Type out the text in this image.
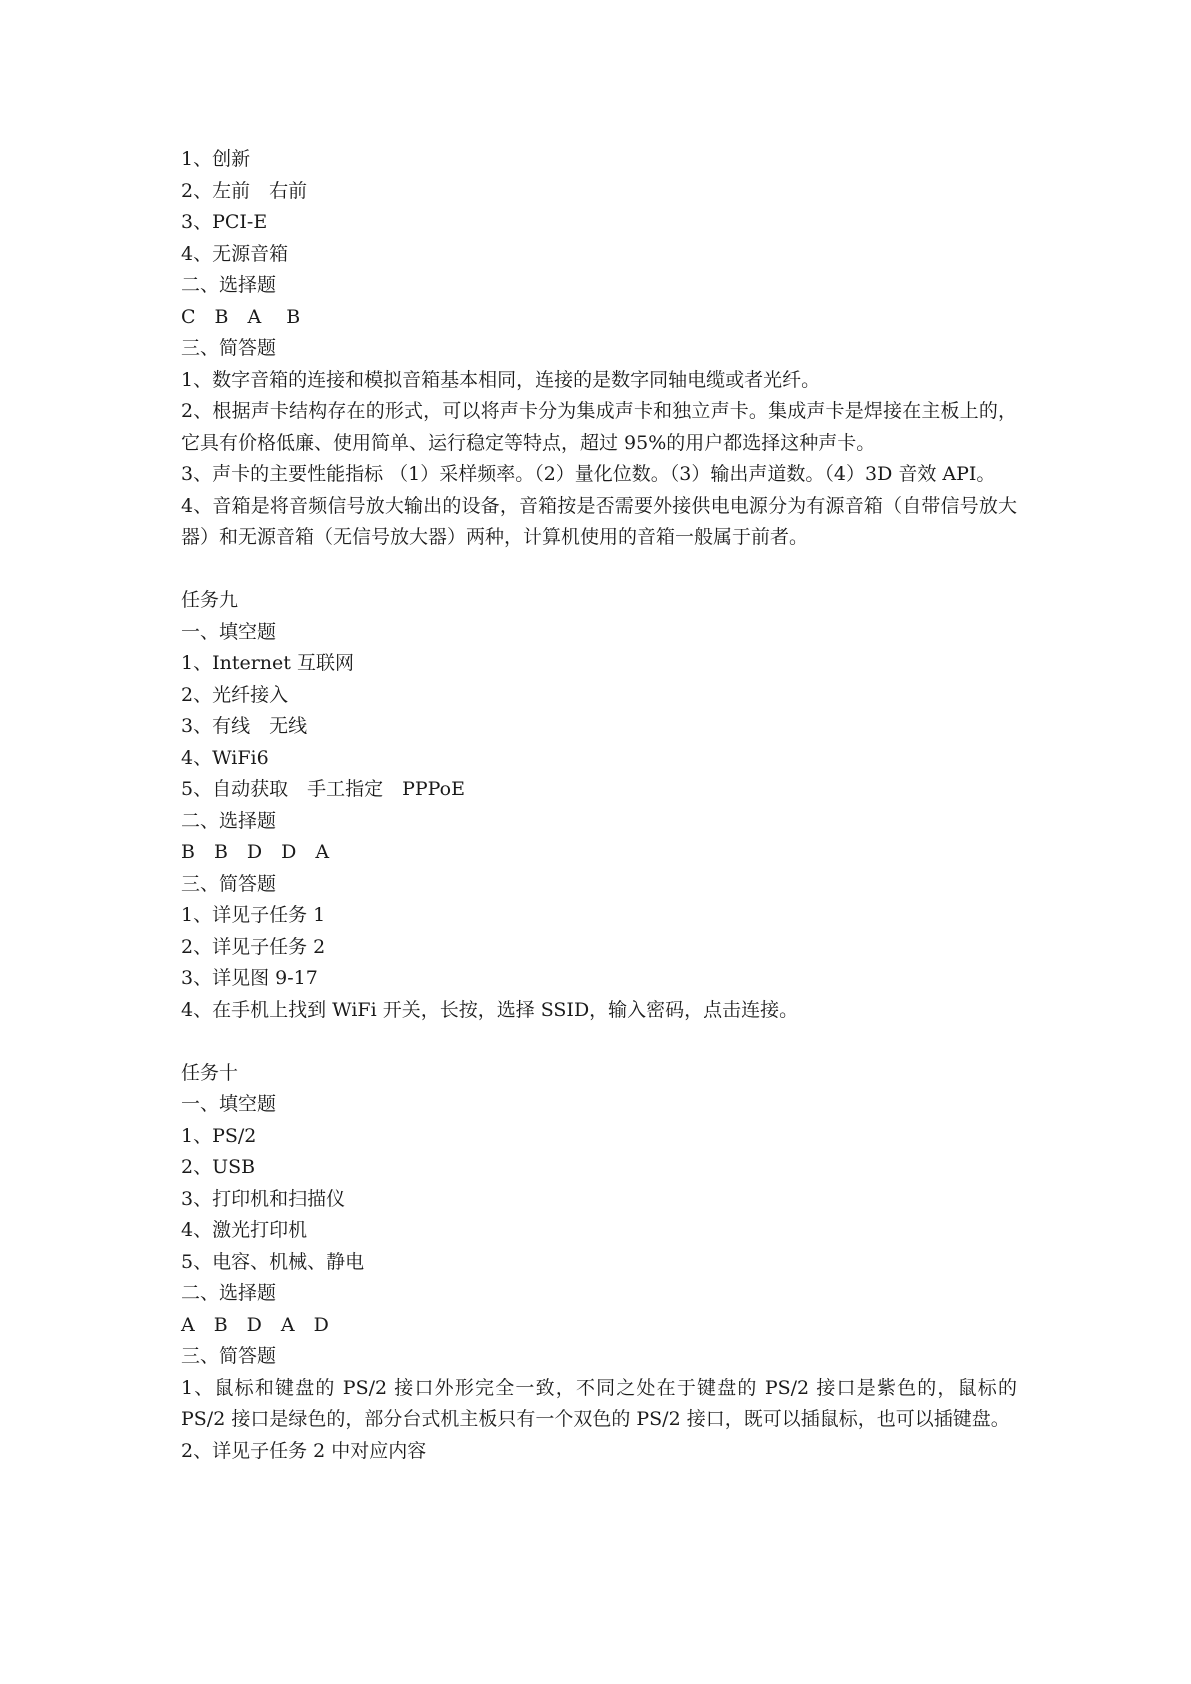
1、创新

2、左前　右前

3、PCI-E

4、无源音箱

二、选择题

C　B　A　 B

三、简答题

1、数字音箱的连接和模拟音箱基本相同，连接的是数字同轴电缆或者光纤。

2、根据声卡结构存在的形式，可以将声卡分为集成声卡和独立声卡。集成声卡是焊接在主板上的，它具有价格低廉、使用简单、运行稳定等特点，超过 95%的用户都选择这种声卡。

3、声卡的主要性能指标 （1）采样频率。（2）量化位数。（3）输出声道数。（4）3D 音效 API。

4、音箱是将音频信号放大输出的设备，音箱按是否需要外接供电电源分为有源音箱（自带信号放大器）和无源音箱（无信号放大器）两种，计算机使用的音箱一般属于前者。

任务九

一、填空题

1、Internet 互联网

2、光纤接入

3、有线　无线

4、WiFi6

5、自动获取　手工指定　PPPoE

二、选择题

B　B　D　D　A

三、简答题

1、详见子任务 1

2、详见子任务 2

3、详见图 9-17

4、在手机上找到 WiFi 开关，长按，选择 SSID，输入密码，点击连接。

任务十

一、填空题

1、PS/2

2、USB

3、打印机和扫描仪

4、激光打印机

5、电容、机械、静电

二、选择题

A　B　D　A　D

三、简答题

1、鼠标和键盘的 PS/2 接口外形完全一致，不同之处在于键盘的 PS/2 接口是紫色的，鼠标的 PS/2 接口是绿色的，部分台式机主板只有一个双色的 PS/2 接口，既可以插鼠标，也可以插键盘。

2、详见子任务 2 中对应内容
